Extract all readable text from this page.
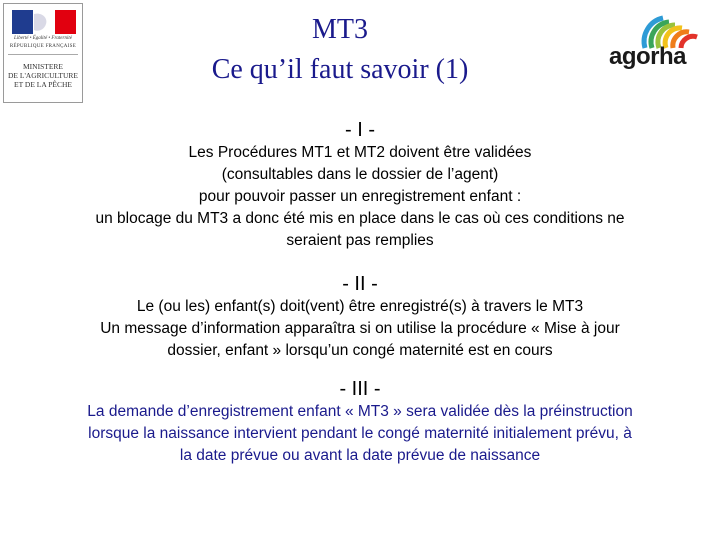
Liberté • Égalité • Fraternité
RÉPUBLIQUE FRANÇAISE
MINISTERE
DE L'AGRICULTURE
ET DE LA PÊCHE
MT3
Ce qu’il faut savoir (1)	agorha
- I -
Les Procédures MT1 et MT2 doivent être validées
(consultables dans le dossier de l’agent)
pour pouvoir passer un enregistrement enfant :
un blocage du MT3 a donc été mis en place dans le cas où ces conditions ne
seraient pas remplies
- II -
Le (ou les) enfant(s) doit(vent) être enregistré(s) à travers le MT3
Un message d’information apparaîtra si on utilise la procédure « Mise à jour
dossier, enfant » lorsqu’un congé maternité est en cours
- III -
La demande d’enregistrement enfant « MT3 » sera validée dès la préinstruction
lorsque la naissance intervient pendant le congé maternité initialement prévu, à
la date prévue ou avant la date prévue de naissance
